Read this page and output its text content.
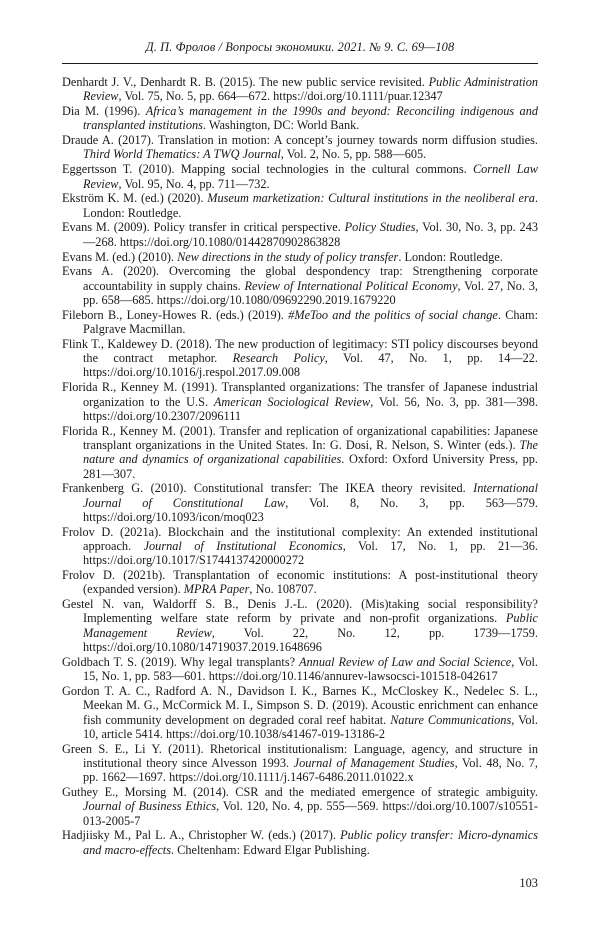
Д. П. Фролов / Вопросы экономики. 2021. № 9. С. 69—108

Denhardt J. V., Denhardt R. B. (2015). The new public service revisited. Public Administration Review, Vol. 75, No. 5, pp. 664—672. https://doi.org/10.1111/puar.12347

Dia M. (1996). Africa’s management in the 1990s and beyond: Reconciling indigenous and transplanted institutions. Washington, DC: World Bank.

Draude A. (2017). Translation in motion: A concept’s journey towards norm diffusion studies. Third World Thematics: A TWQ Journal, Vol. 2, No. 5, pp. 588—605.

Eggertsson T. (2010). Mapping social technologies in the cultural commons. Cornell Law Review, Vol. 95, No. 4, pp. 711—732.

Ekström K. M. (ed.) (2020). Museum marketization: Cultural institutions in the neoliberal era. London: Routledge.

Evans M. (2009). Policy transfer in critical perspective. Policy Studies, Vol. 30, No. 3, pp. 243—268. https://doi.org/10.1080/01442870902863828

Evans M. (ed.) (2010). New directions in the study of policy transfer. London: Routledge.

Evans A. (2020). Overcoming the global despondency trap: Strengthening corporate accountability in supply chains. Review of International Political Economy, Vol. 27, No. 3, pp. 658—685. https://doi.org/10.1080/09692290.2019.1679220

Fileborn B., Loney-Howes R. (eds.) (2019). #MeToo and the politics of social change. Cham: Palgrave Macmillan.

Flink T., Kaldewey D. (2018). The new production of legitimacy: STI policy discourses beyond the contract metaphor. Research Policy, Vol. 47, No. 1, pp. 14—22. https://doi.org/10.1016/j.respol.2017.09.008

Florida R., Kenney M. (1991). Transplanted organizations: The transfer of Japanese industrial organization to the U.S. American Sociological Review, Vol. 56, No. 3, pp. 381—398. https://doi.org/10.2307/2096111

Florida R., Kenney M. (2001). Transfer and replication of organizational capabilities: Japanese transplant organizations in the United States. In: G. Dosi, R. Nelson, S. Winter (eds.). The nature and dynamics of organizational capabilities. Oxford: Oxford University Press, pp. 281—307.

Frankenberg G. (2010). Constitutional transfer: The IKEA theory revisited. International Journal of Constitutional Law, Vol. 8, No. 3, pp. 563—579. https://doi.org/10.1093/icon/moq023

Frolov D. (2021a). Blockchain and the institutional complexity: An extended institutional approach. Journal of Institutional Economics, Vol. 17, No. 1, pp. 21—36. https://doi.org/10.1017/S1744137420000272

Frolov D. (2021b). Transplantation of economic institutions: A post-institutional theory (expanded version). MPRA Paper, No. 108707.

Gestel N. van, Waldorff S. B., Denis J.-L. (2020). (Mis)taking social responsibility? Implementing welfare state reform by private and non-profit organizations. Public Management Review, Vol. 22, No. 12, pp. 1739—1759. https://doi.org/10.1080/14719037.2019.1648696

Goldbach T. S. (2019). Why legal transplants? Annual Review of Law and Social Science, Vol. 15, No. 1, pp. 583—601. https://doi.org/10.1146/annurev-lawsocsci-101518-042617

Gordon T. A. C., Radford A. N., Davidson I. K., Barnes K., McCloskey K., Nedelec S. L., Meekan M. G., McCormick M. I., Simpson S. D. (2019). Acoustic enrichment can enhance fish community development on degraded coral reef habitat. Nature Communications, Vol. 10, article 5414. https://doi.org/10.1038/s41467-019-13186-2

Green S. E., Li Y. (2011). Rhetorical institutionalism: Language, agency, and structure in institutional theory since Alvesson 1993. Journal of Management Studies, Vol. 48, No. 7, pp. 1662—1697. https://doi.org/10.1111/j.1467-6486.2011.01022.x

Guthey E., Morsing M. (2014). CSR and the mediated emergence of strategic ambiguity. Journal of Business Ethics, Vol. 120, No. 4, pp. 555—569. https://doi.org/10.1007/s10551-013-2005-7

Hadjiisky M., Pal L. A., Christopher W. (eds.) (2017). Public policy transfer: Micro-dynamics and macro-effects. Cheltenham: Edward Elgar Publishing.

103
